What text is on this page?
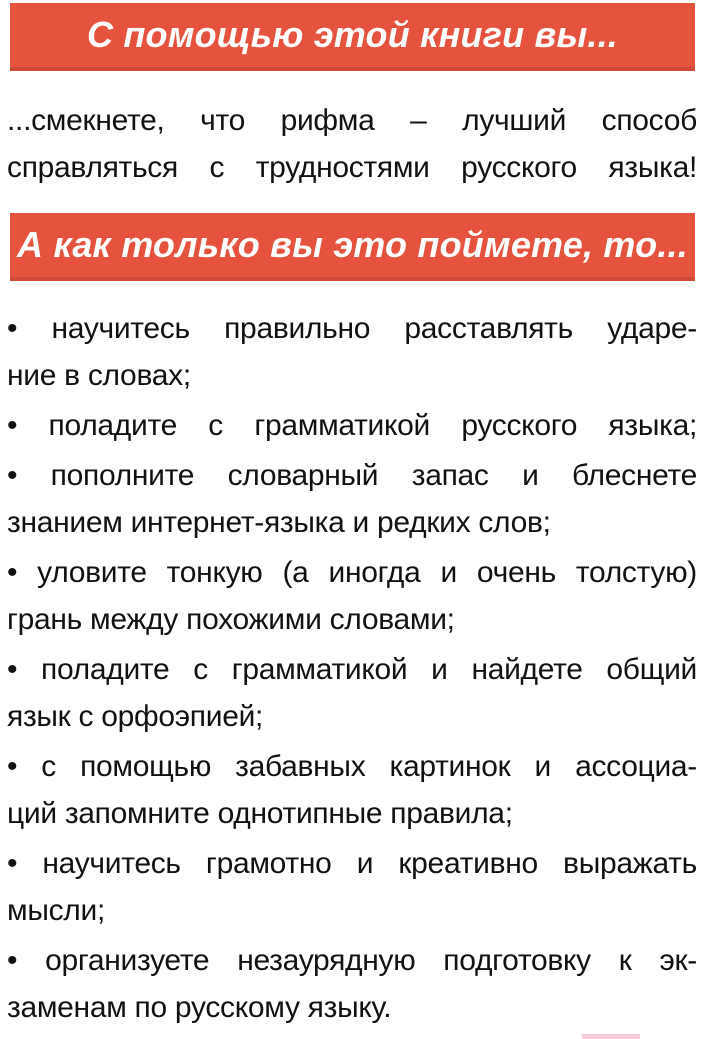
С помощью этой книги вы...
...смекнете, что рифма – лучший способ
справляться с трудностями русского языка!
А как только вы это поймете, то...
• научитесь правильно расставлять ударе-
ние в словах;
• поладите с грамматикой русского языка;
• пополните словарный запас и блеснете
знанием интернет-языка и редких слов;
• уловите тонкую (а иногда и очень толстую)
грань между похожими словами;
• поладите с грамматикой и найдете общий
язык с орфоэпией;
• с помощью забавных картинок и ассоциа-
ций запомните однотипные правила;
• научитесь грамотно и креативно выражать
мысли;
• организуете незаурядную подготовку к эк-
заменам по русскому языку.
